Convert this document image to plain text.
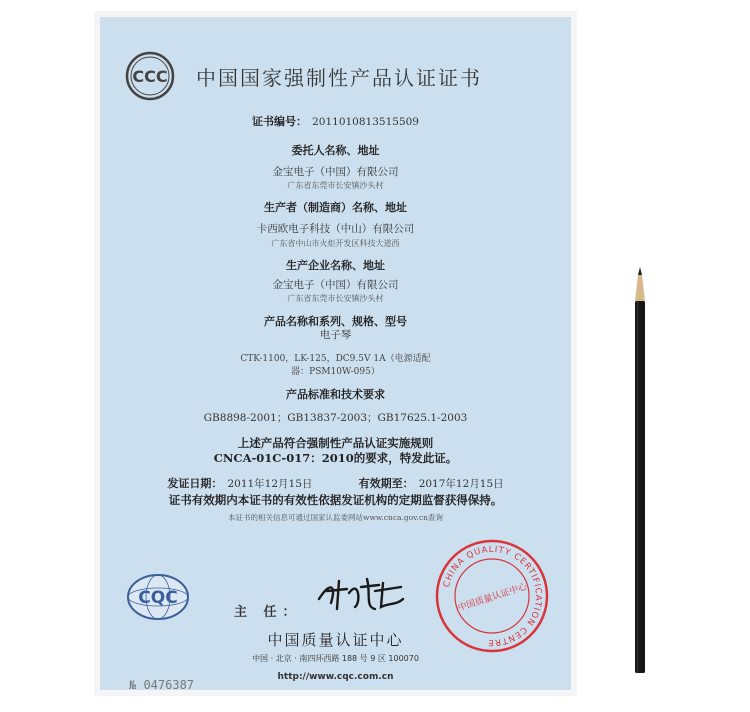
CCC 中国国家强制性产品认证证书
证书编号： 2011010813515509
委托人名称、地址
金宝电子（中国）有限公司
广东省东莞市长安镇沙头村
生产者（制造商）名称、地址
卡西欧电子科技（中山）有限公司
广东省中山市火炬开发区科技大道西
生产企业名称、地址
金宝电子（中国）有限公司
广东省东莞市长安镇沙头村
产品名称和系列、规格、型号
电子琴
CTK-1100，LK-125，DC9.5V 1A（电源适配
器：PSM10W-095）
产品标准和技术要求
GB8898-2001；GB13837-2003；GB17625.1-2003
上述产品符合强制性产品认证实施规则
CNCA-01C-017：2010的要求，特发此证。
发证日期： 2011年12月15日	有效期至： 2017年12月15日
证书有效期内本证书的有效性依据发证机构的定期监督获得保持。
本证书的相关信息可通过国家认监委网站www.cnca.gov.cn查询
CQC
主 任：
CHINA QUALITY CERTIFICATION CENTRE
中国质量认证中心
中国质量认证中心
中国 · 北京 · 南四环西路 188 号 9 区 100070
http://www.cqc.com.cn
№ 0476387
